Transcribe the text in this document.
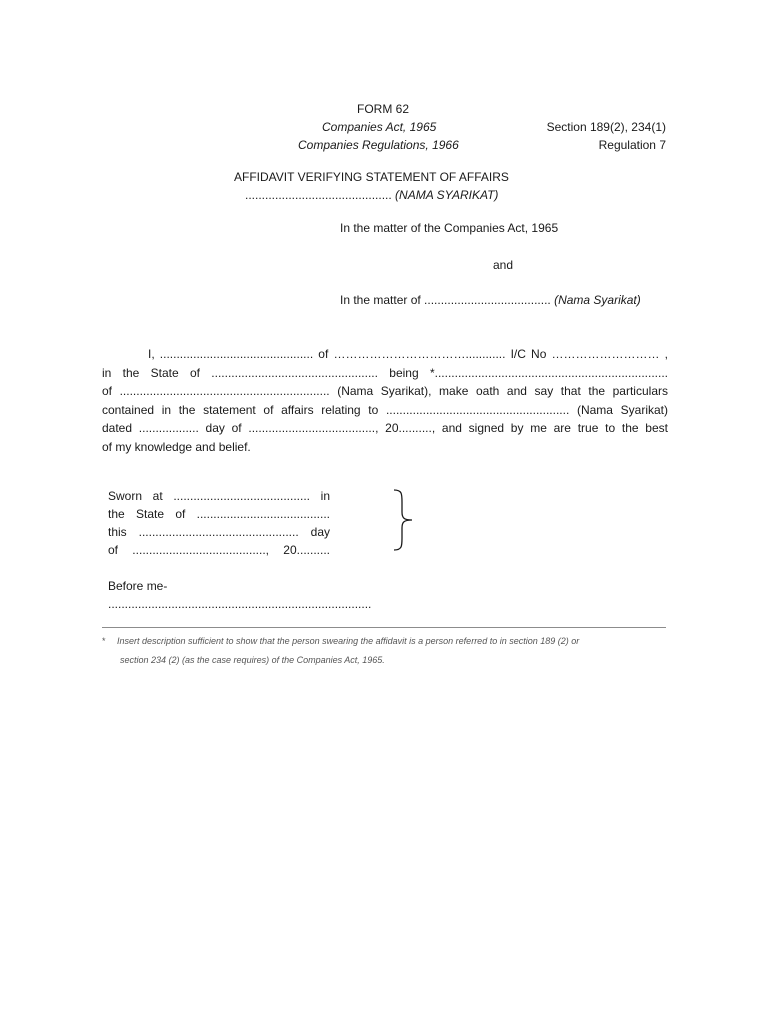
FORM 62
Companies Act, 1965
Companies Regulations, 1966
Section 189(2), 234(1)
Regulation 7
AFFIDAVIT VERIFYING STATEMENT OF AFFAIRS
............................................ (NAMA SYARIKAT)
In the matter of the Companies Act, 1965
and
In the matter of ...................................... (Nama Syarikat)
I, .............................................. of ……………………………............ I/C No ……………………… ,
in the State of .................................................. being *......................................................................
of ............................................................... (Nama Syarikat), make oath and say that the particulars
contained in the statement of affairs relating to ....................................................... (Nama Syarikat)
dated .................. day of ......................................, 20.........., and signed by me are true to the best
of my knowledge and belief.
Sworn at ......................................... in
the State of ........................................
this ................................................ day
of ........................................, 20..........
Before me-
...............................................................................
* Insert description sufficient to show that the person swearing the affidavit is a person referred to in section 189 (2) or
section 234 (2) (as the case requires) of the Companies Act, 1965.
